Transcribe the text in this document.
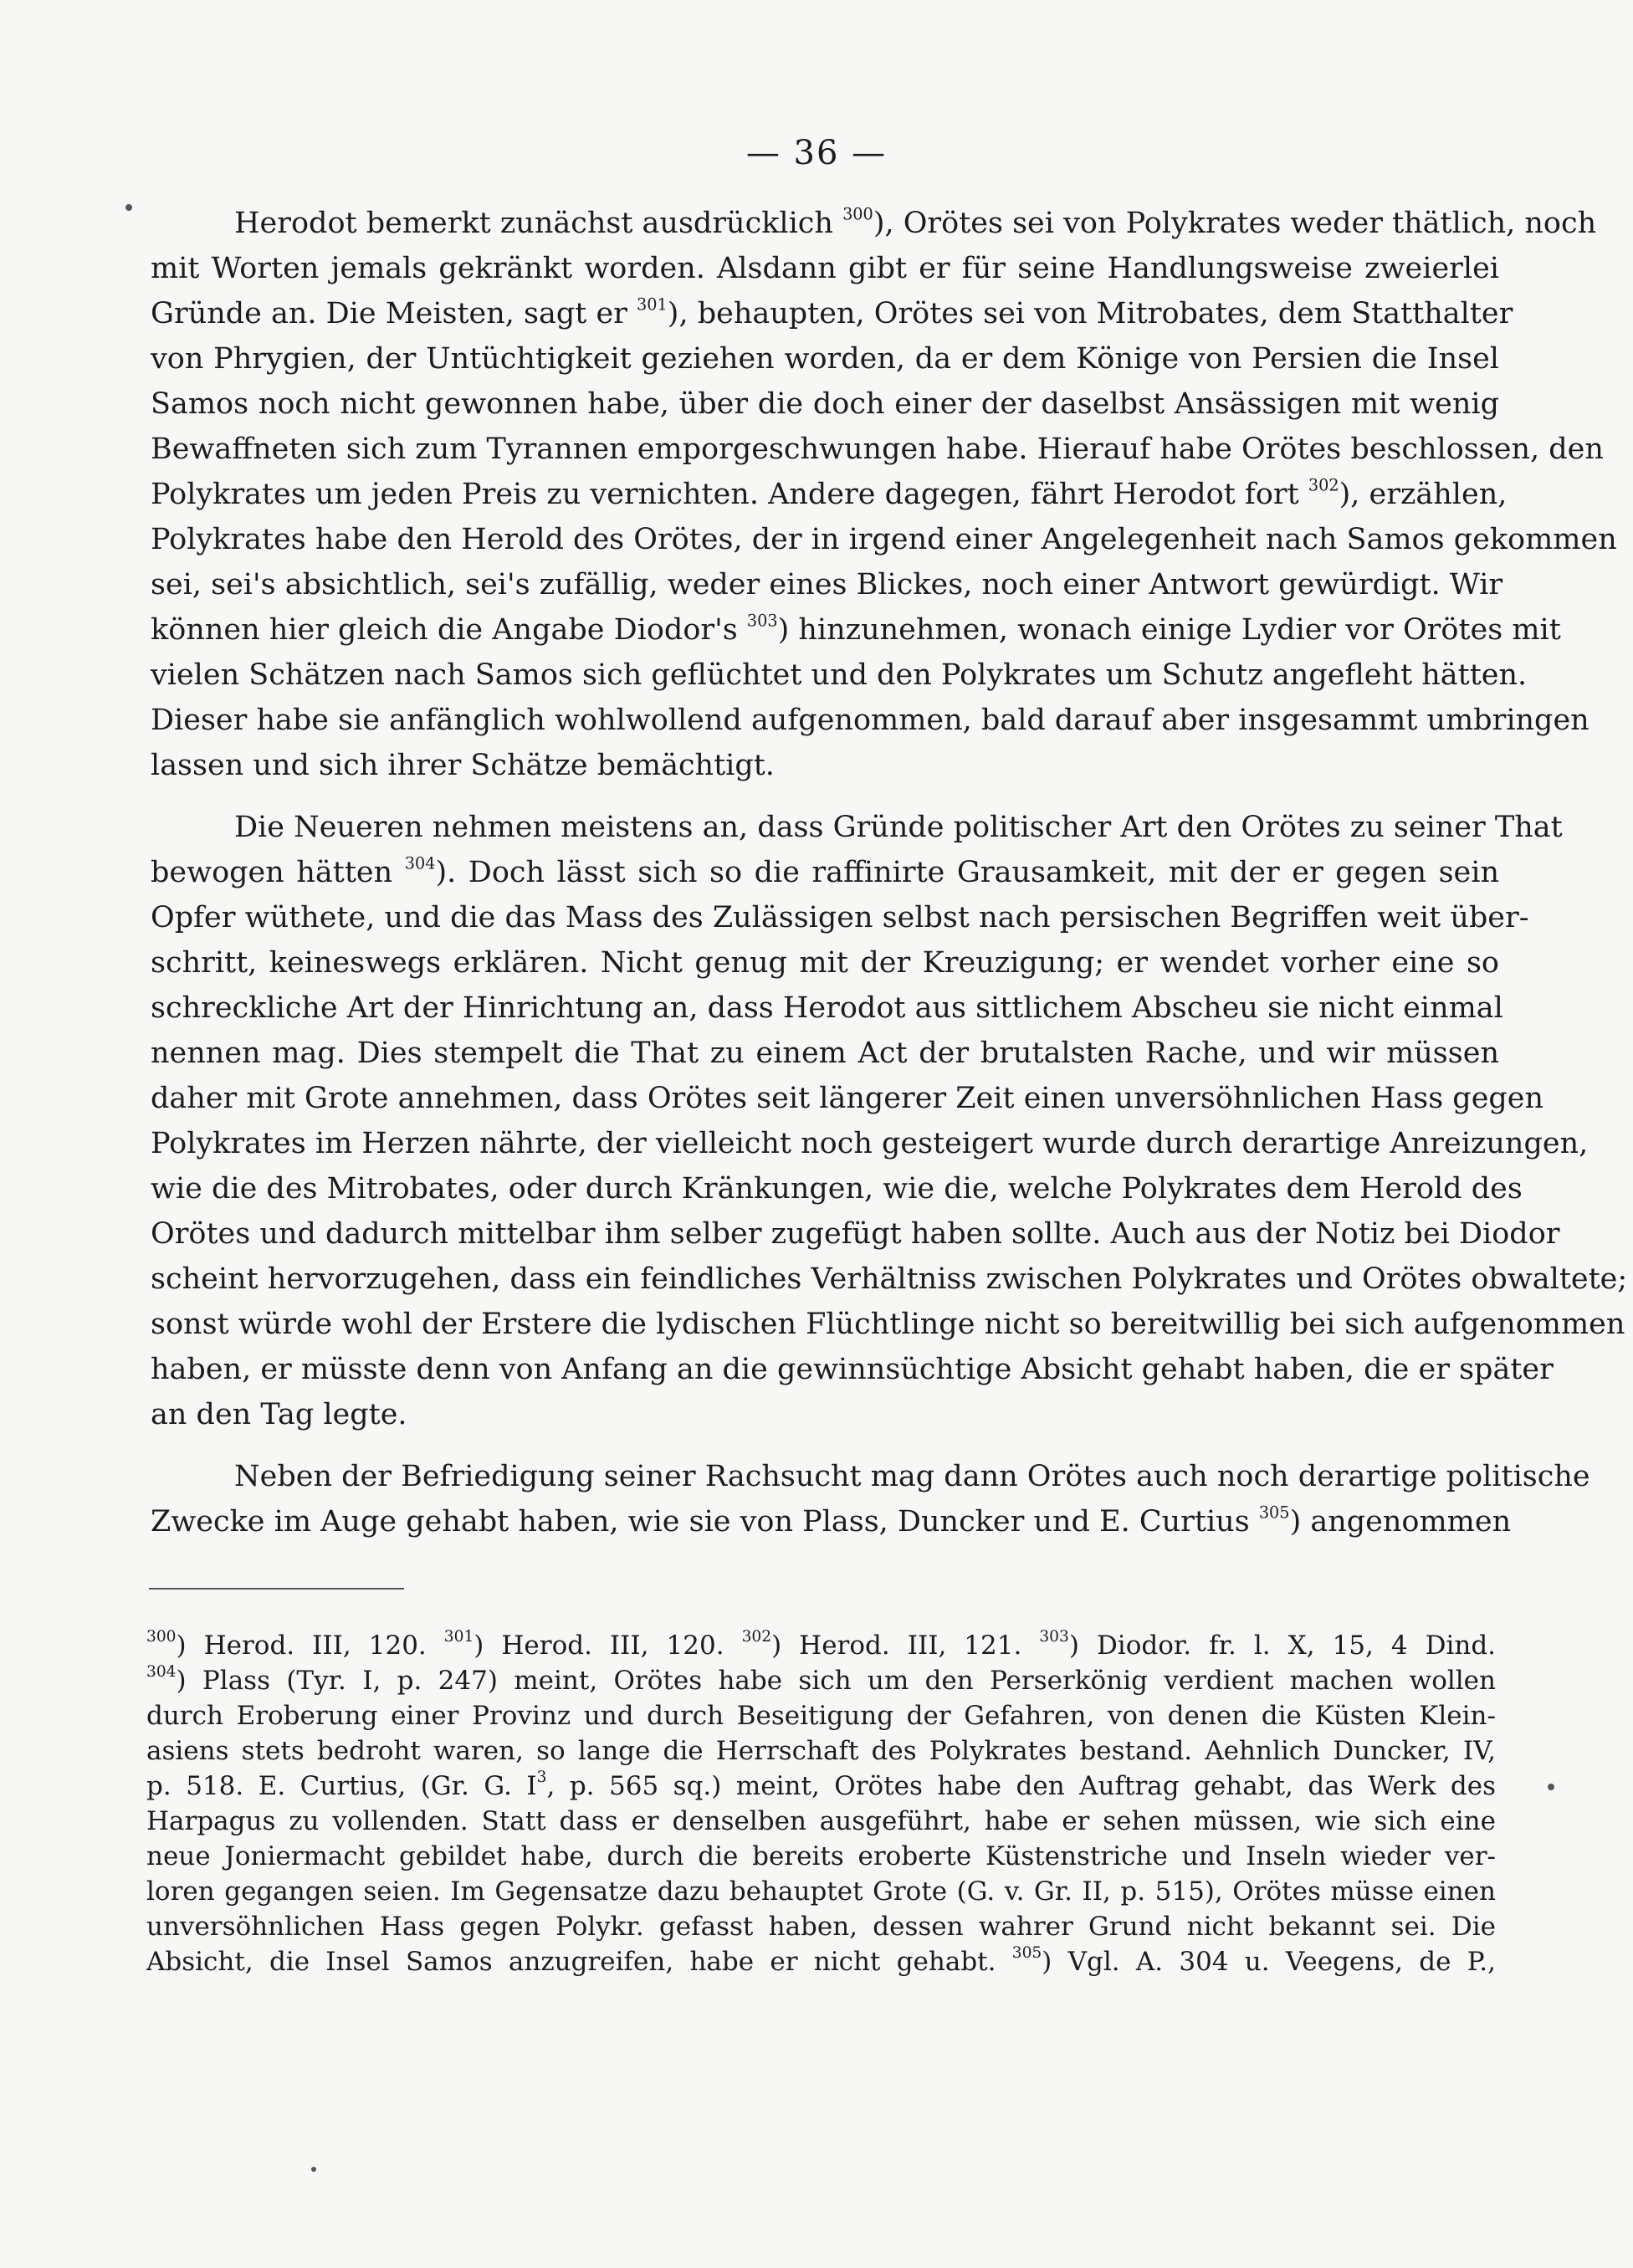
— 36 —
Herodot bemerkt zunächst ausdrücklich $^{300}$), Orötes sei von Polykrates weder thätlich, noch
mit Worten jemals gekränkt worden. Alsdann gibt er für seine Handlungsweise zweierlei
Gründe an. Die Meisten, sagt er $^{301}$), behaupten, Orötes sei von Mitrobates, dem Statthalter
von Phrygien, der Untüchtigkeit geziehen worden, da er dem Könige von Persien die Insel
Samos noch nicht gewonnen habe, über die doch einer der daselbst Ansässigen mit wenig
Bewaffneten sich zum Tyrannen emporgeschwungen habe. Hierauf habe Orötes beschlossen, den
Polykrates um jeden Preis zu vernichten. Andere dagegen, fährt Herodot fort $^{302}$), erzählen,
Polykrates habe den Herold des Orötes, der in irgend einer Angelegenheit nach Samos gekommen
sei, sei's absichtlich, sei's zufällig, weder eines Blickes, noch einer Antwort gewürdigt. Wir
können hier gleich die Angabe Diodor's $^{303}$) hinzunehmen, wonach einige Lydier vor Orötes mit
vielen Schätzen nach Samos sich geflüchtet und den Polykrates um Schutz angefleht hätten.
Dieser habe sie anfänglich wohlwollend aufgenommen, bald darauf aber insgesammt umbringen
lassen und sich ihrer Schätze bemächtigt.
Die Neueren nehmen meistens an, dass Gründe politischer Art den Orötes zu seiner That
bewogen hätten $^{304}$). Doch lässt sich so die raffinirte Grausamkeit, mit der er gegen sein
Opfer wüthete, und die das Mass des Zulässigen selbst nach persischen Begriffen weit über-
schritt, keineswegs erklären. Nicht genug mit der Kreuzigung; er wendet vorher eine so
schreckliche Art der Hinrichtung an, dass Herodot aus sittlichem Abscheu sie nicht einmal
nennen mag. Dies stempelt die That zu einem Act der brutalsten Rache, und wir müssen
daher mit Grote annehmen, dass Orötes seit längerer Zeit einen unversöhnlichen Hass gegen
Polykrates im Herzen nährte, der vielleicht noch gesteigert wurde durch derartige Anreizungen,
wie die des Mitrobates, oder durch Kränkungen, wie die, welche Polykrates dem Herold des
Orötes und dadurch mittelbar ihm selber zugefügt haben sollte. Auch aus der Notiz bei Diodor
scheint hervorzugehen, dass ein feindliches Verhältniss zwischen Polykrates und Orötes obwaltete;
sonst würde wohl der Erstere die lydischen Flüchtlinge nicht so bereitwillig bei sich aufgenommen
haben, er müsste denn von Anfang an die gewinnsüchtige Absicht gehabt haben, die er später
an den Tag legte.
Neben der Befriedigung seiner Rachsucht mag dann Orötes auch noch derartige politische
Zwecke im Auge gehabt haben, wie sie von Plass, Duncker und E. Curtius $^{305}$) angenommen
$^{300}$) Herod. III, 120. $^{301}$) Herod. III, 120. $^{302}$) Herod. III, 121. $^{303}$) Diodor. fr. l. X, 15, 4 Dind.
$^{304}$) Plass (Tyr. I, p. 247) meint, Orötes habe sich um den Perserkönig verdient machen wollen
durch Eroberung einer Provinz und durch Beseitigung der Gefahren, von denen die Küsten Klein-
asiens stets bedroht waren, so lange die Herrschaft des Polykrates bestand. Aehnlich Duncker, IV,
p. 518. E. Curtius, (Gr. G. $I^3$, p. 565 sq.) meint, Orötes habe den Auftrag gehabt, das Werk des
Harpagus zu vollenden. Statt dass er denselben ausgeführt, habe er sehen müssen, wie sich eine
neue Joniermacht gebildet habe, durch die bereits eroberte Küstenstriche und Inseln wieder ver-
loren gegangen seien. Im Gegensatze dazu behauptet Grote (G. v. Gr. II, p. 515), Orötes müsse einen
unversöhnlichen Hass gegen Polykr. gefasst haben, dessen wahrer Grund nicht bekannt sei. Die
Absicht, die Insel Samos anzugreifen, habe er nicht gehabt. $^{305}$) Vgl. A. 304 u. Veegens, de P.,
